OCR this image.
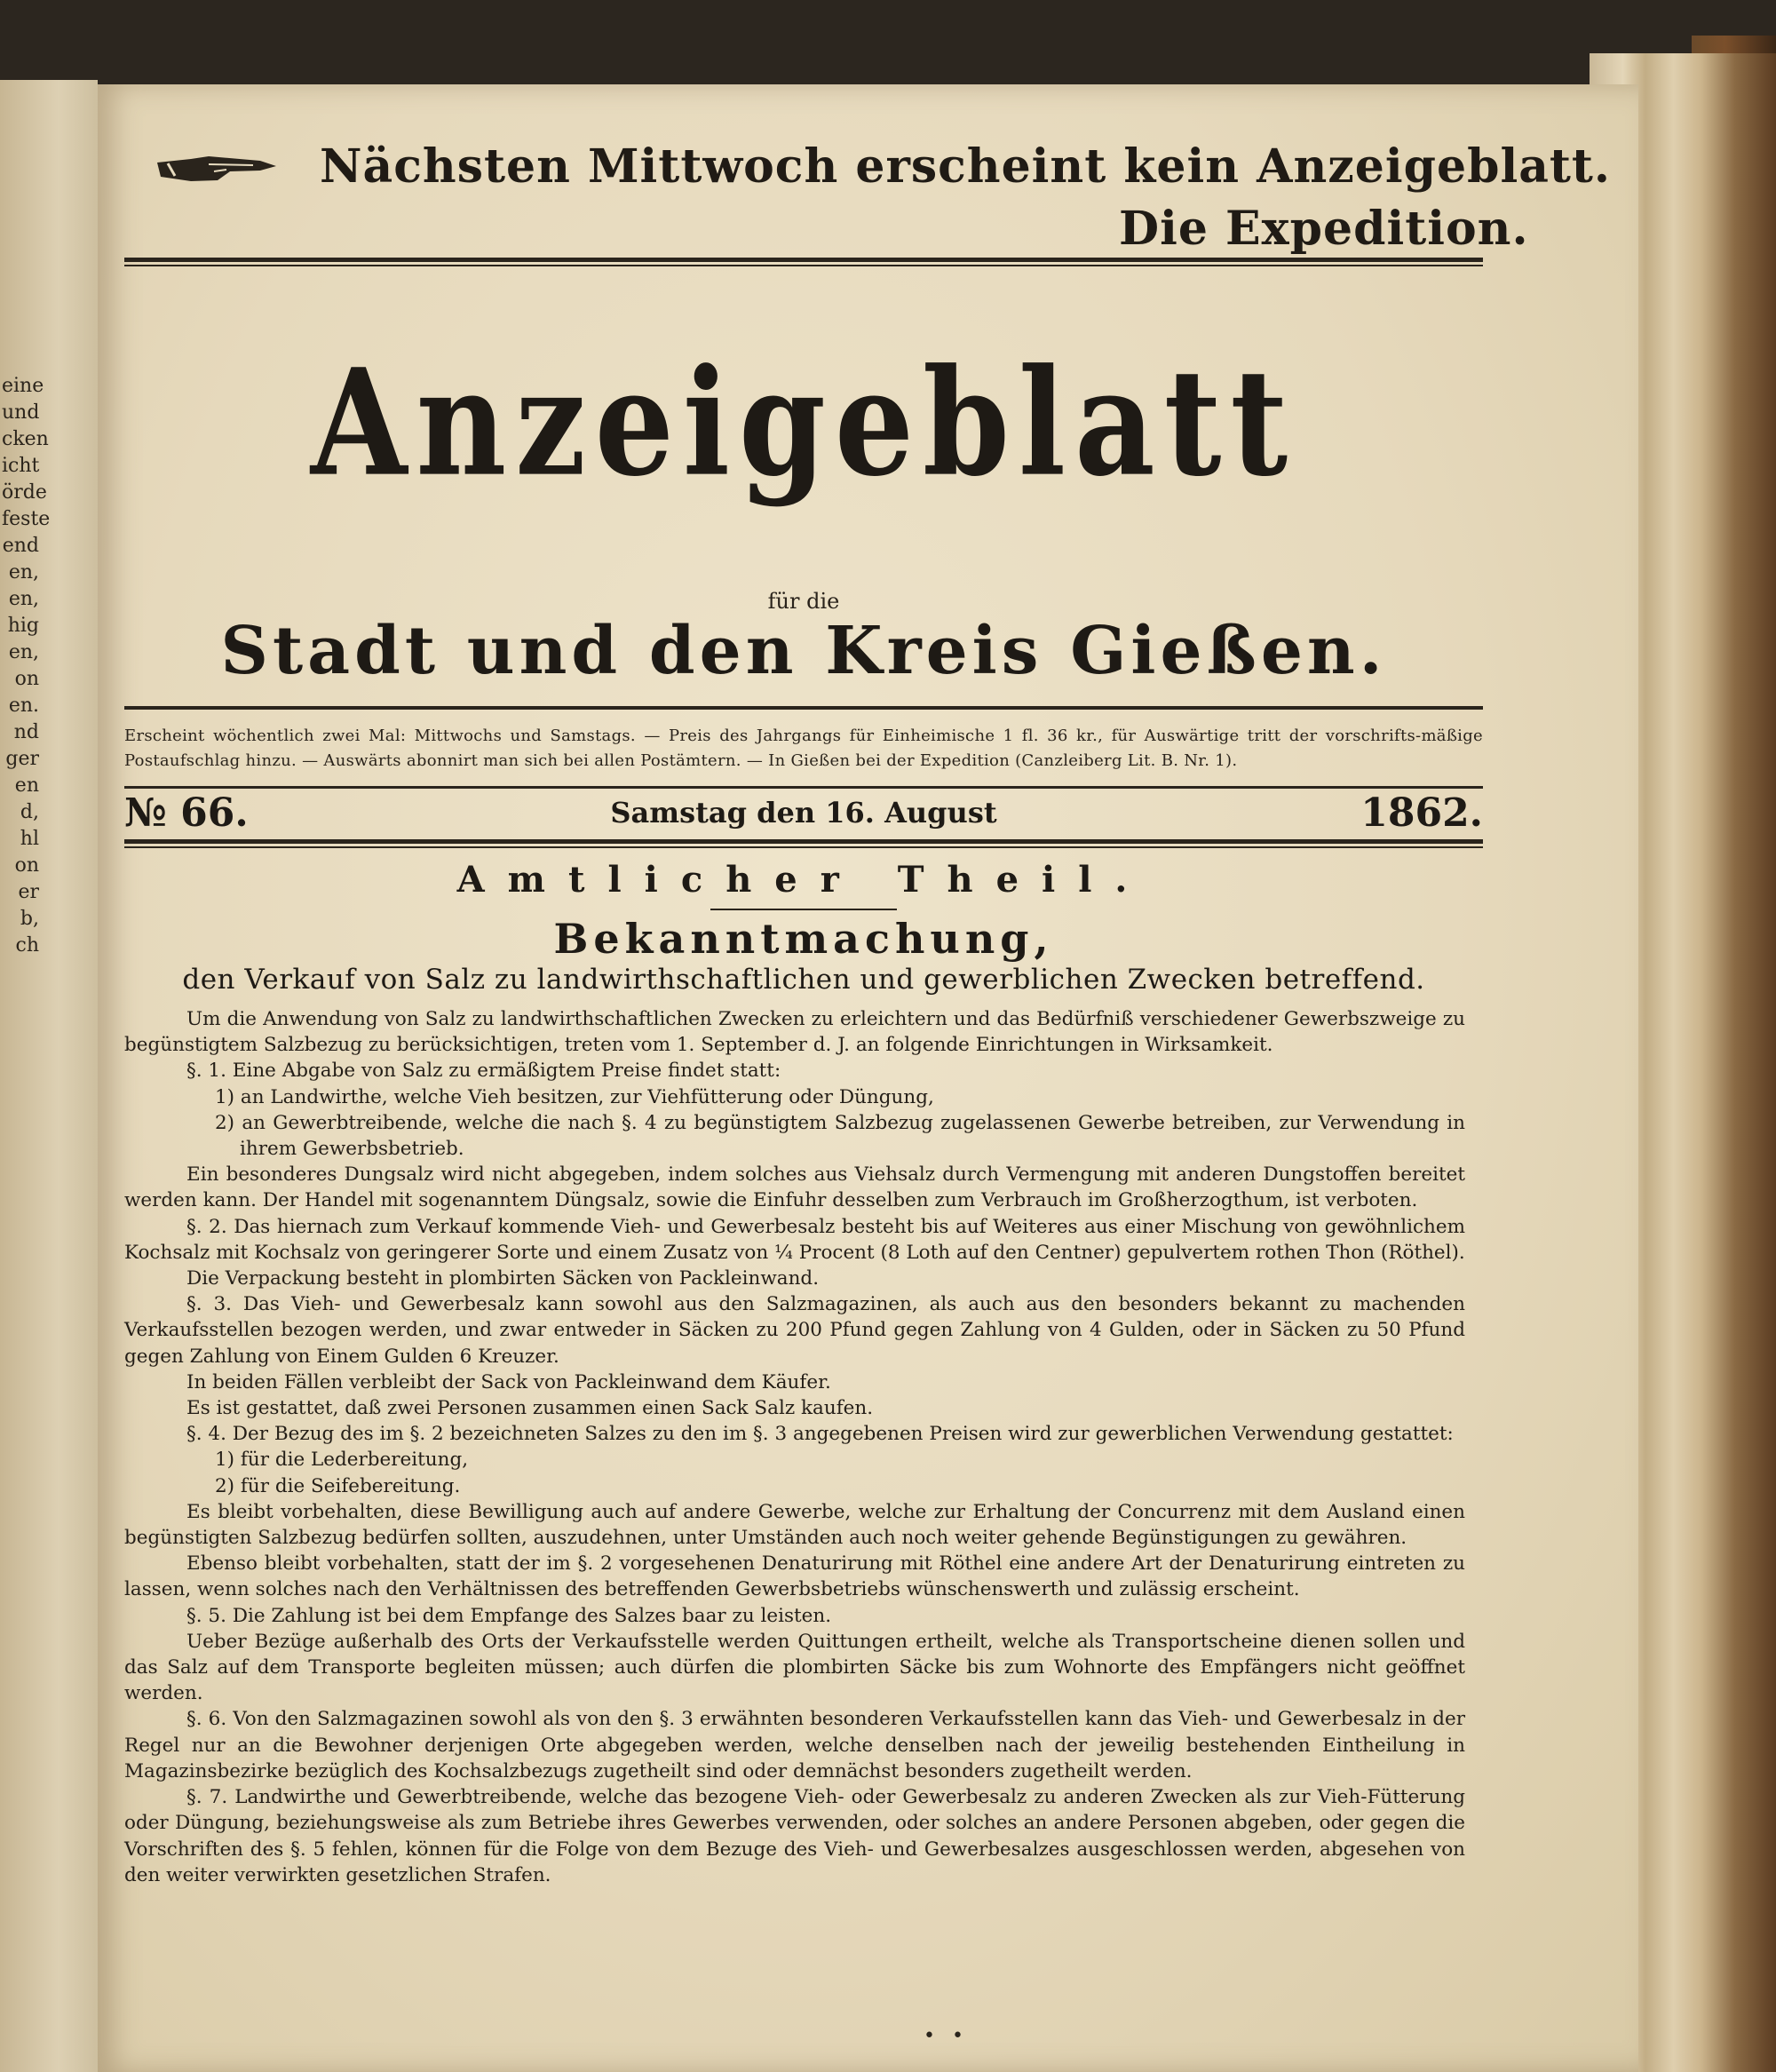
eine
und
cken
icht
örde
feste
end
en,
en,
hig
en,
on
en.
nd
ger
en
d,
hl
on
er
b,
ch
Nächsten Mittwoch erscheint kein Anzeigeblatt.
Die Expedition.
Anzeigeblatt
für die
Stadt und den Kreis Gießen.
Erscheint wöchentlich zwei Mal: Mittwochs und Samstags. — Preis des Jahrgangs für Einheimische 1 fl. 36 kr., für Auswärtige tritt der vorschrifts-mäßige Postaufschlag hinzu. — Auswärts abonnirt man sich bei allen Postämtern. — In Gießen bei der Expedition (Canzleiberg Lit. B. Nr. 1).
№ 66.	Samstag den 16. August	1862.
Amtlicher Theil.
Bekanntmachung,
den Verkauf von Salz zu landwirthschaftlichen und gewerblichen Zwecken betreffend.

Um die Anwendung von Salz zu landwirthschaftlichen Zwecken zu erleichtern und das Bedürfniß verschiedener Gewerbszweige zu begünstigtem Salzbezug zu berücksichtigen, treten vom 1. September d. J. an folgende Einrichtungen in Wirksamkeit.

§. 1. Eine Abgabe von Salz zu ermäßigtem Preise findet statt:

1) an Landwirthe, welche Vieh besitzen, zur Viehfütterung oder Düngung,

2) an Gewerbtreibende, welche die nach §. 4 zu begünstigtem Salzbezug zugelassenen Gewerbe betreiben, zur Verwendung in ihrem Gewerbsbetrieb.

Ein besonderes Dungsalz wird nicht abgegeben, indem solches aus Viehsalz durch Vermengung mit anderen Dungstoffen bereitet werden kann. Der Handel mit sogenanntem Düngsalz, sowie die Einfuhr desselben zum Verbrauch im Großherzogthum, ist verboten.

§. 2. Das hiernach zum Verkauf kommende Vieh- und Gewerbesalz besteht bis auf Weiteres aus einer Mischung von gewöhnlichem Kochsalz mit Kochsalz von geringerer Sorte und einem Zusatz von ¼ Procent (8 Loth auf den Centner) gepulvertem rothen Thon (Röthel).

Die Verpackung besteht in plombirten Säcken von Packleinwand.

§. 3. Das Vieh- und Gewerbesalz kann sowohl aus den Salzmagazinen, als auch aus den besonders bekannt zu machenden Verkaufsstellen bezogen werden, und zwar entweder in Säcken zu 200 Pfund gegen Zahlung von 4 Gulden, oder in Säcken zu 50 Pfund gegen Zahlung von Einem Gulden 6 Kreuzer.

In beiden Fällen verbleibt der Sack von Packleinwand dem Käufer.

Es ist gestattet, daß zwei Personen zusammen einen Sack Salz kaufen.

§. 4. Der Bezug des im §. 2 bezeichneten Salzes zu den im §. 3 angegebenen Preisen wird zur gewerblichen Verwendung gestattet:

1) für die Lederbereitung,

2) für die Seifebereitung.

Es bleibt vorbehalten, diese Bewilligung auch auf andere Gewerbe, welche zur Erhaltung der Concurrenz mit dem Ausland einen begünstigten Salzbezug bedürfen sollten, auszudehnen, unter Umständen auch noch weiter gehende Begünstigungen zu gewähren.

Ebenso bleibt vorbehalten, statt der im §. 2 vorgesehenen Denaturirung mit Röthel eine andere Art der Denaturirung eintreten zu lassen, wenn solches nach den Verhältnissen des betreffenden Gewerbsbetriebs wünschenswerth und zulässig erscheint.

§. 5. Die Zahlung ist bei dem Empfange des Salzes baar zu leisten.

Ueber Bezüge außerhalb des Orts der Verkaufsstelle werden Quittungen ertheilt, welche als Transportscheine dienen sollen und das Salz auf dem Transporte begleiten müssen; auch dürfen die plombirten Säcke bis zum Wohnorte des Empfängers nicht geöffnet werden.

§. 6. Von den Salzmagazinen sowohl als von den §. 3 erwähnten besonderen Verkaufsstellen kann das Vieh- und Gewerbesalz in der Regel nur an die Bewohner derjenigen Orte abgegeben werden, welche denselben nach der jeweilig bestehenden Eintheilung in Magazinsbezirke bezüglich des Kochsalzbezugs zugetheilt sind oder demnächst besonders zugetheilt werden.

§. 7. Landwirthe und Gewerbtreibende, welche das bezogene Vieh- oder Gewerbesalz zu anderen Zwecken als zur Vieh-Fütterung oder Düngung, beziehungsweise als zum Betriebe ihres Gewerbes verwenden, oder solches an andere Personen abgeben, oder gegen die Vorschriften des §. 5 fehlen, können für die Folge von dem Bezuge des Vieh- und Gewerbesalzes ausgeschlossen werden, abgesehen von den weiter verwirkten gesetzlichen Strafen.

• •
